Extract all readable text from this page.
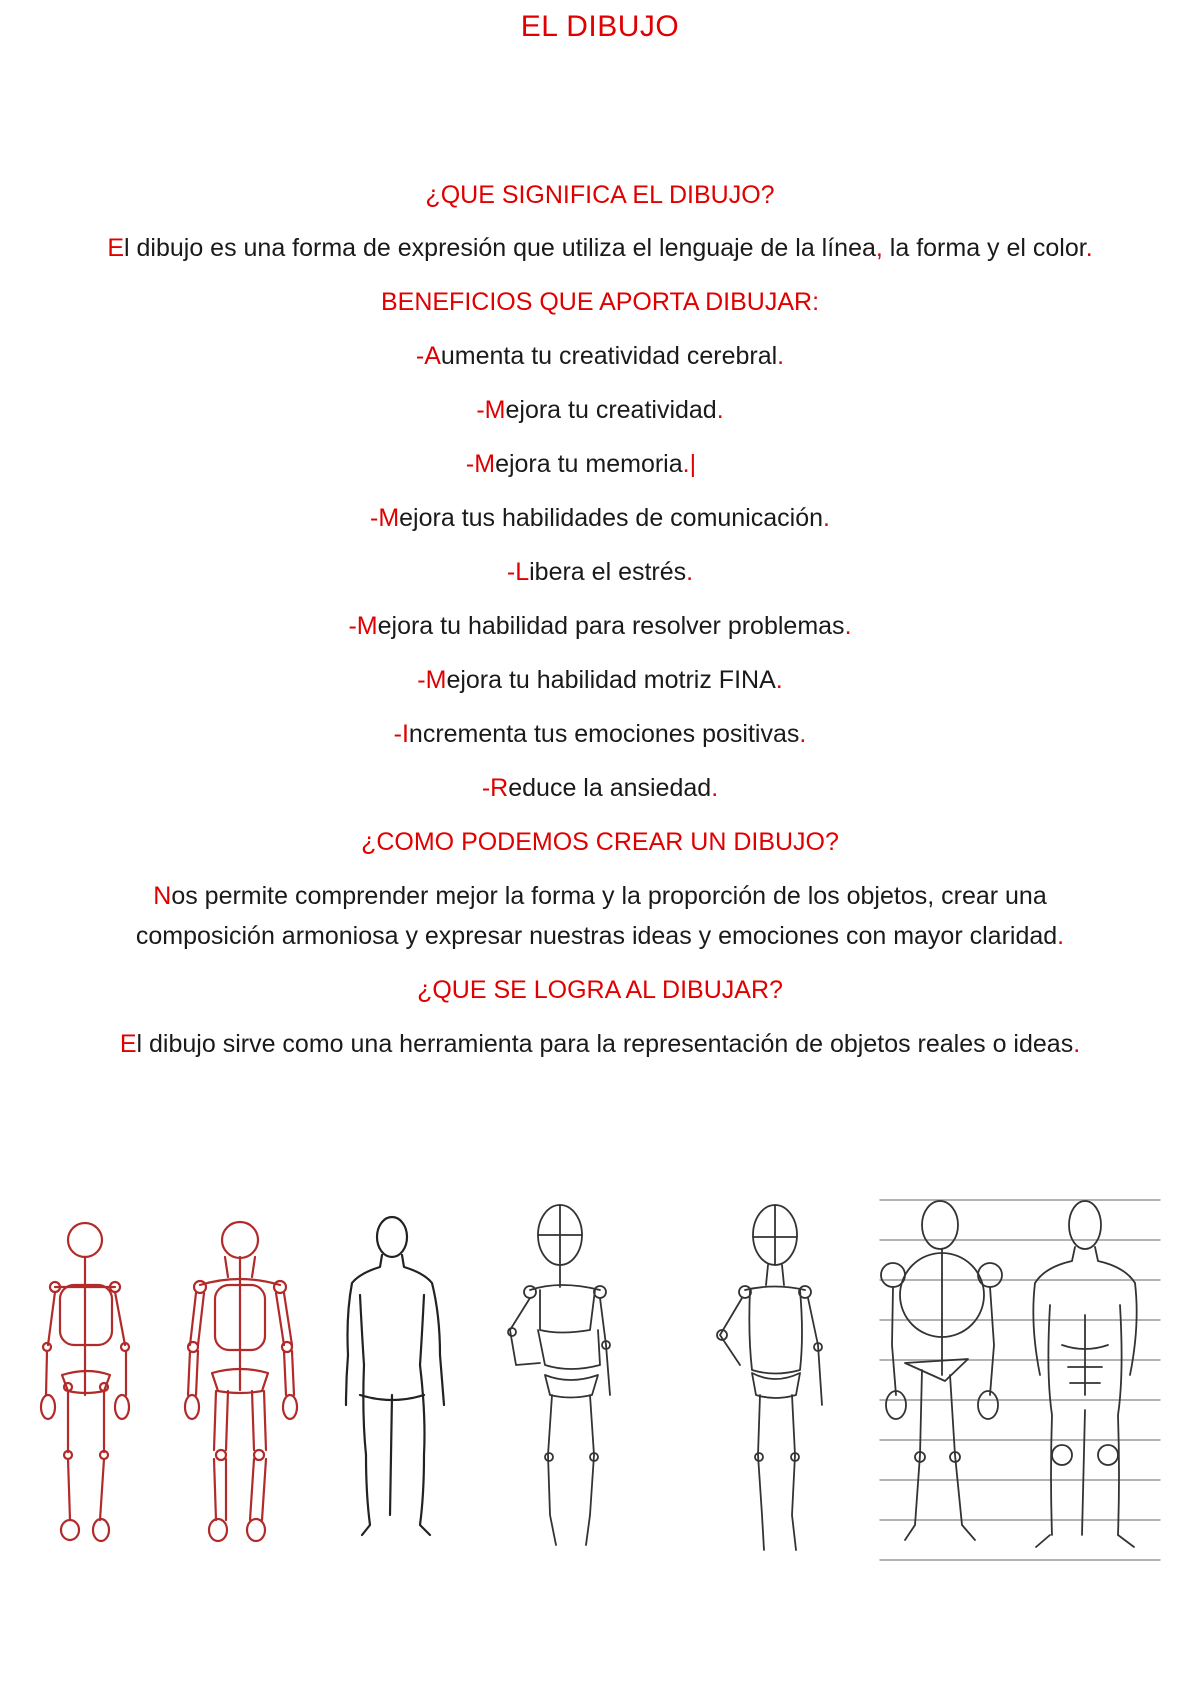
EL DIBUJO

¿QUE SIGNIFICA EL DIBUJO?

El dibujo es una forma de expresión que utiliza el lenguaje de la línea, la forma y el color.

BENEFICIOS QUE APORTA DIBUJAR:

-Aumenta tu creatividad cerebral.

-Mejora tu creatividad.

-Mejora tu memoria.|

-Mejora tus habilidades de comunicación.

-Libera el estrés.

-Mejora tu habilidad para resolver problemas.

-Mejora tu habilidad motriz FINA.

-Incrementa tus emociones positivas.

-Reduce la ansiedad.

¿COMO PODEMOS CREAR UN DIBUJO?

Nos permite comprender mejor la forma y la proporción de los objetos, crear una

composición armoniosa y expresar nuestras ideas y emociones con mayor claridad.

¿QUE SE LOGRA AL DIBUJAR?

El dibujo sirve como una herramienta para la representación de objetos reales o ideas.
